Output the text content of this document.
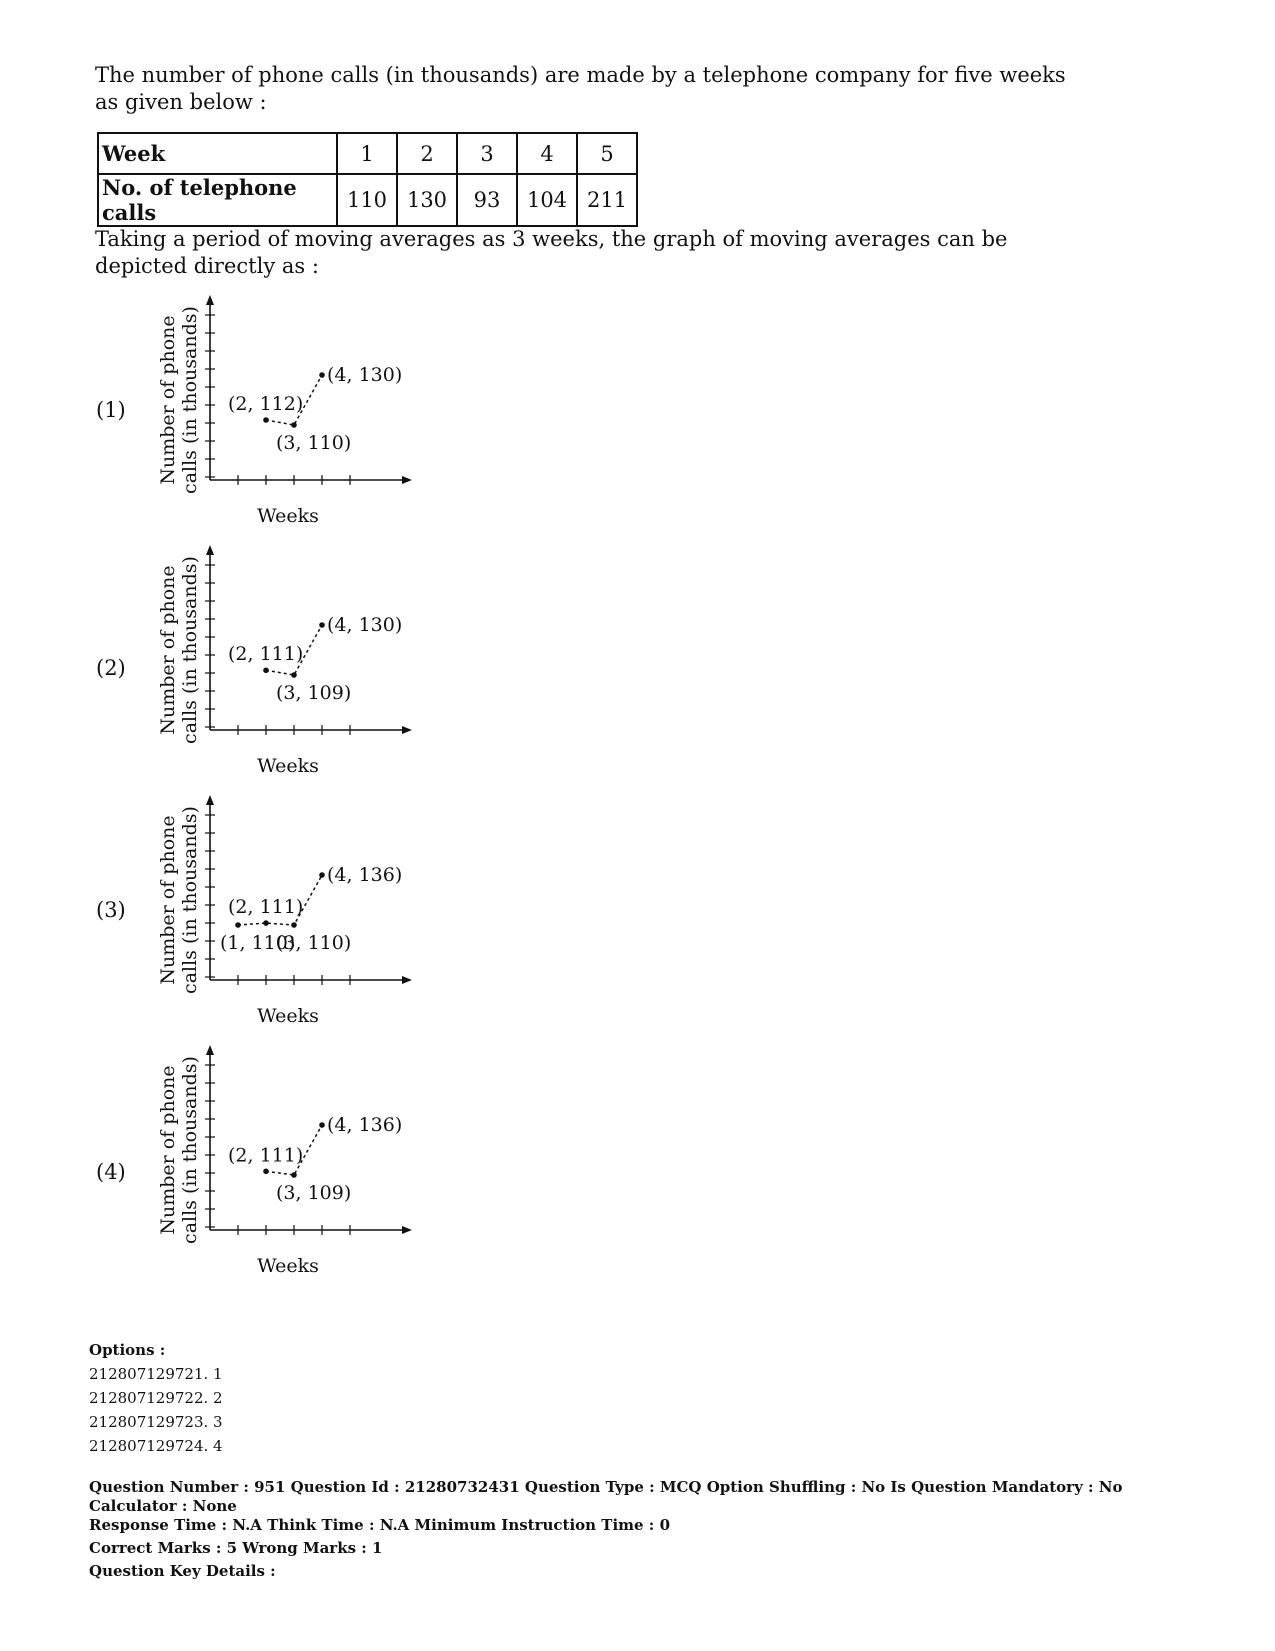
The number of phone calls (in thousands) are made by a telephone company for five weeks as given below :
Week	1	2	3	4	5
No. of telephone calls	110	130	93	104	211
Taking a period of moving averages as 3 weeks, the graph of moving averages can be depicted directly as :
(1) Number of phone calls (in thousands)
Weeks
(2, 112)
(3, 110)
(4, 130)
(2) Number of phone calls (in thousands)
Weeks
(2, 111)
(3, 109)
(4, 130)
(3) Number of phone calls (in thousands)
Weeks
(1, 110)
(2, 111)
(3, 110)
(4, 136)
(4) Number of phone calls (in thousands)
Weeks
(2, 111)
(3, 109)
(4, 136)
Options :
212807129721. 1
212807129722. 2
212807129723. 3
212807129724. 4
Question Number : 951 Question Id : 21280732431 Question Type : MCQ Option Shuffling : No Is Question Mandatory : No Calculator : None
Response Time : N.A Think Time : N.A Minimum Instruction Time : 0
Correct Marks : 5 Wrong Marks : 1
Question Key Details :
